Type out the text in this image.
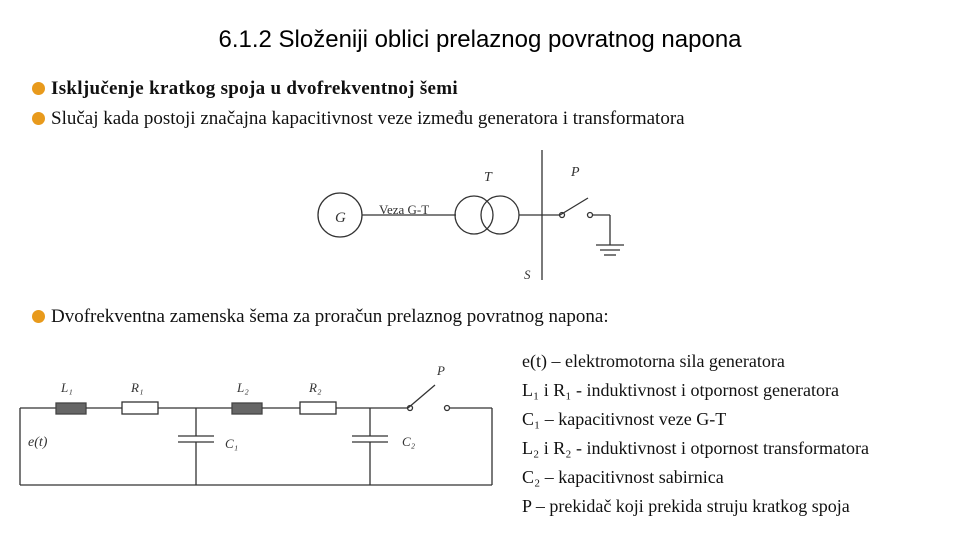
6.1.2 Složeniji oblici prelaznog povratnog napona
Isključenje kratkog spoja u dvofrekventnoj šemi
Slučaj kada postoji značajna kapacitivnost veze između generatora i transformatora
G
Veza G-T
T	P
S
e(t)
L₁	R₁	L₂	R₂
C₁	C₂
P
Dvofrekventna zamenska šema za proračun prelaznog povratnog napona:
e(t) – elektromotorna sila generatora
L₁ i R₁ - induktivnost i otpornost generatora
C₁ – kapacitivnost veze G-T
L₂ i R₂ - induktivnost i otpornost transformatora
C₂ – kapacitivnost sabirnica
P – prekidač koji prekida struju kratkog spoja
